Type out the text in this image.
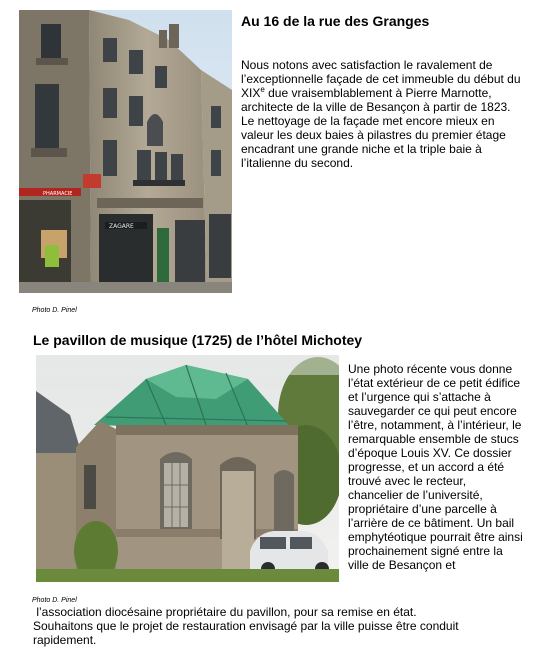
PHARMACIE
ZAGARE
Au 16 de la rue des Granges
Nous notons avec satisfaction le ravalement de l’exceptionnelle façade de cet immeuble du début du XIXe due vraisemblablement à Pierre Marnotte, architecte de la ville de Besançon à partir de 1823. Le nettoyage de la façade met encore mieux en valeur les deux baies à pilastres du premier étage encadrant une grande niche et la triple baie à l’italienne du second.
Photo D. Pinel
Le pavillon de musique (1725) de l’hôtel Michotey
Une photo récente vous donne l’état extérieur de ce petit édifice et l’urgence qui s’attache à sauvegarder ce qui peut encore l’être, notamment, à l’intérieur, le remarquable ensemble de stucs d’époque Louis XV. Ce dossier progresse, et un accord a été trouvé avec le recteur, chancelier de l’université, propriétaire d’une parcelle à l’arrière de ce bâtiment. Un bail emphytéotique pourrait être ainsi prochainement signé entre la ville de Besançon et
Photo D. Pinel
l’association diocésaine propriétaire du pavillon, pour sa remise en état.
Souhaitons que le projet de restauration envisagé par la ville puisse être conduit rapidement.
